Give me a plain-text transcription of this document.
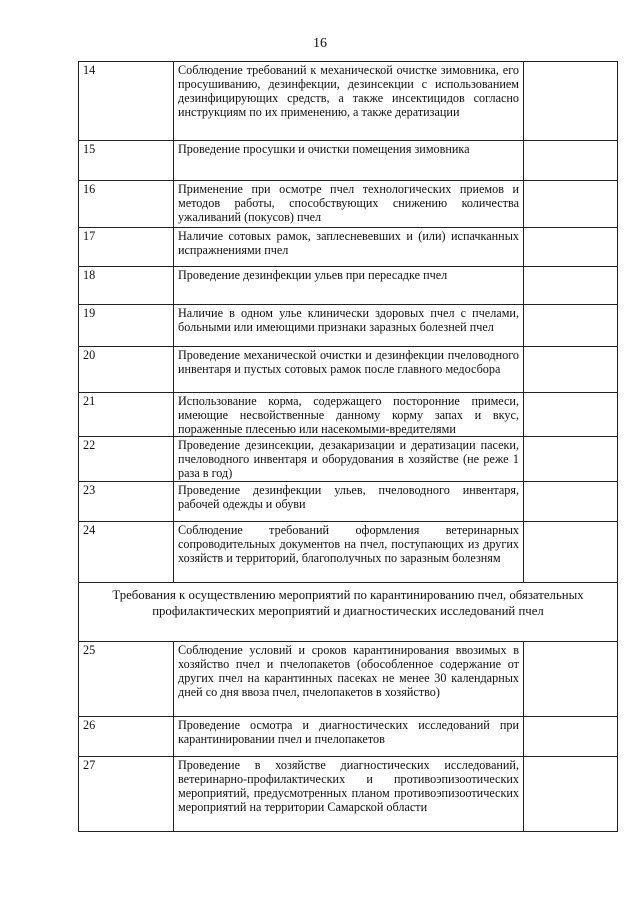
16
14	Соблюдение требований к механической очистке зимовника, его просушиванию, дезинфекции, дезинсекции с использованием дезинфицирующих средств, а также инсектицидов согласно инструкциям по их применению, а также дератизации	
15	Проведение просушки и очистки помещения зимовника	
16	Применение при осмотре пчел технологических приемов и методов работы, способствующих снижению количества ужаливаний (покусов) пчел	
17	Наличие сотовых рамок, заплесневевших и (или) испачканных испражнениями пчел	
18	Проведение дезинфекции ульев при пересадке пчел	
19	Наличие в одном улье клинически здоровых пчел с пчелами, больными или имеющими признаки заразных болезней пчел	
20	Проведение механической очистки и дезинфекции пчеловодного инвентаря и пустых сотовых рамок после главного медосбора	
21	Использование корма, содержащего посторонние примеси, имеющие несвойственные данному корму запах и вкус, пораженные плесенью или насекомыми-вредителями	
22	Проведение дезинсекции, дезакаризации и дератизации пасеки, пчеловодного инвентаря и оборудования в хозяйстве (не реже 1 раза в год)	
23	Проведение дезинфекции ульев, пчеловодного инвентаря, рабочей одежды и обуви	
24	Соблюдение требований оформления ветеринарных сопроводительных документов на пчел, поступающих из других хозяйств и территорий, благополучных по заразным болезням	
Требования к осуществлению мероприятий по карантинированию пчел, обязательных профилактических мероприятий и диагностических исследований пчел		
25	Соблюдение условий и сроков карантинирования ввозимых в хозяйство пчел и пчелопакетов (обособленное содержание от других пчел на карантинных пасеках не менее 30 календарных дней со дня ввоза пчел, пчелопакетов в хозяйство)	
26	Проведение осмотра и диагностических исследований при карантинировании пчел и пчелопакетов	
27	Проведение в хозяйстве диагностических исследований, ветеринарно-профилактических и противоэпизоотических мероприятий, предусмотренных планом противоэпизоотических мероприятий на территории Самарской области	
